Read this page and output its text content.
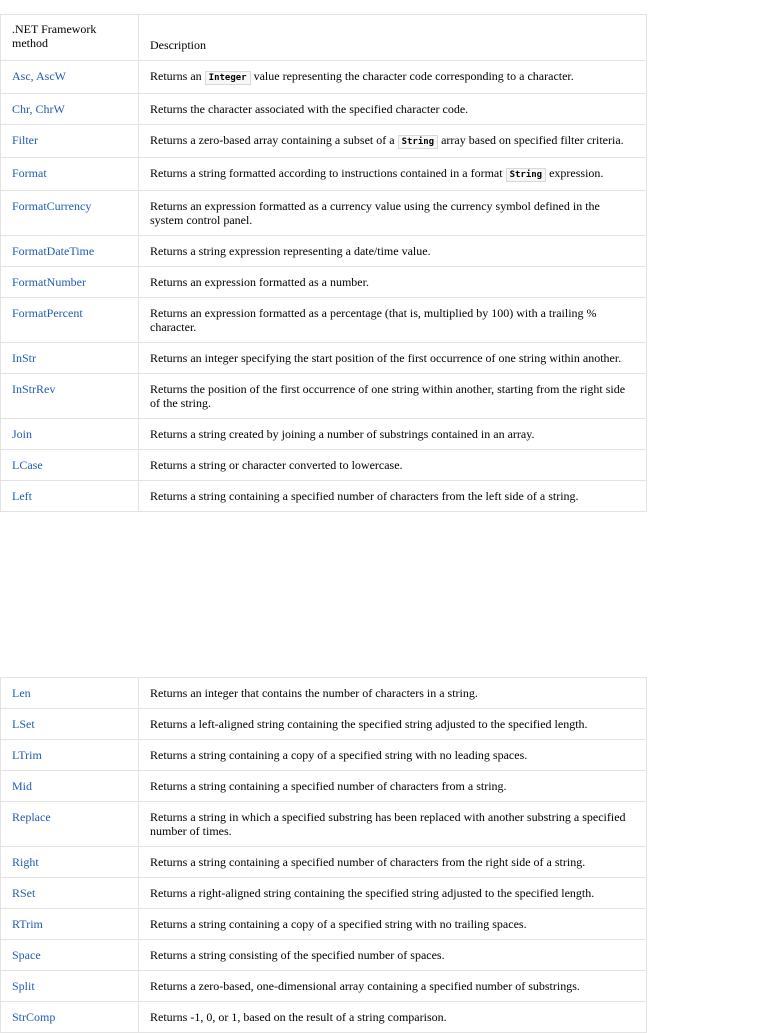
.NET Framework method	Description
Asc, AscW	Returns an Integer value representing the character code corresponding to a character.
Chr, ChrW	Returns the character associated with the specified character code.
Filter	Returns a zero-based array containing a subset of a String array based on specified filter criteria.
Format	Returns a string formatted according to instructions contained in a format String expression.
FormatCurrency	Returns an expression formatted as a currency value using the currency symbol defined in the system control panel.
FormatDateTime	Returns a string expression representing a date/time value.
FormatNumber	Returns an expression formatted as a number.
FormatPercent	Returns an expression formatted as a percentage (that is, multiplied by 100) with a trailing % character.
InStr	Returns an integer specifying the start position of the first occurrence of one string within another.
InStrRev	Returns the position of the first occurrence of one string within another, starting from the right side of the string.
Join	Returns a string created by joining a number of substrings contained in an array.
LCase	Returns a string or character converted to lowercase.
Left	Returns a string containing a specified number of characters from the left side of a string.
Len	Returns an integer that contains the number of characters in a string.
LSet	Returns a left-aligned string containing the specified string adjusted to the specified length.
LTrim	Returns a string containing a copy of a specified string with no leading spaces.
Mid	Returns a string containing a specified number of characters from a string.
Replace	Returns a string in which a specified substring has been replaced with another substring a specified number of times.
Right	Returns a string containing a specified number of characters from the right side of a string.
RSet	Returns a right-aligned string containing the specified string adjusted to the specified length.
RTrim	Returns a string containing a copy of a specified string with no trailing spaces.
Space	Returns a string consisting of the specified number of spaces.
Split	Returns a zero-based, one-dimensional array containing a specified number of substrings.
StrComp	Returns -1, 0, or 1, based on the result of a string comparison.
